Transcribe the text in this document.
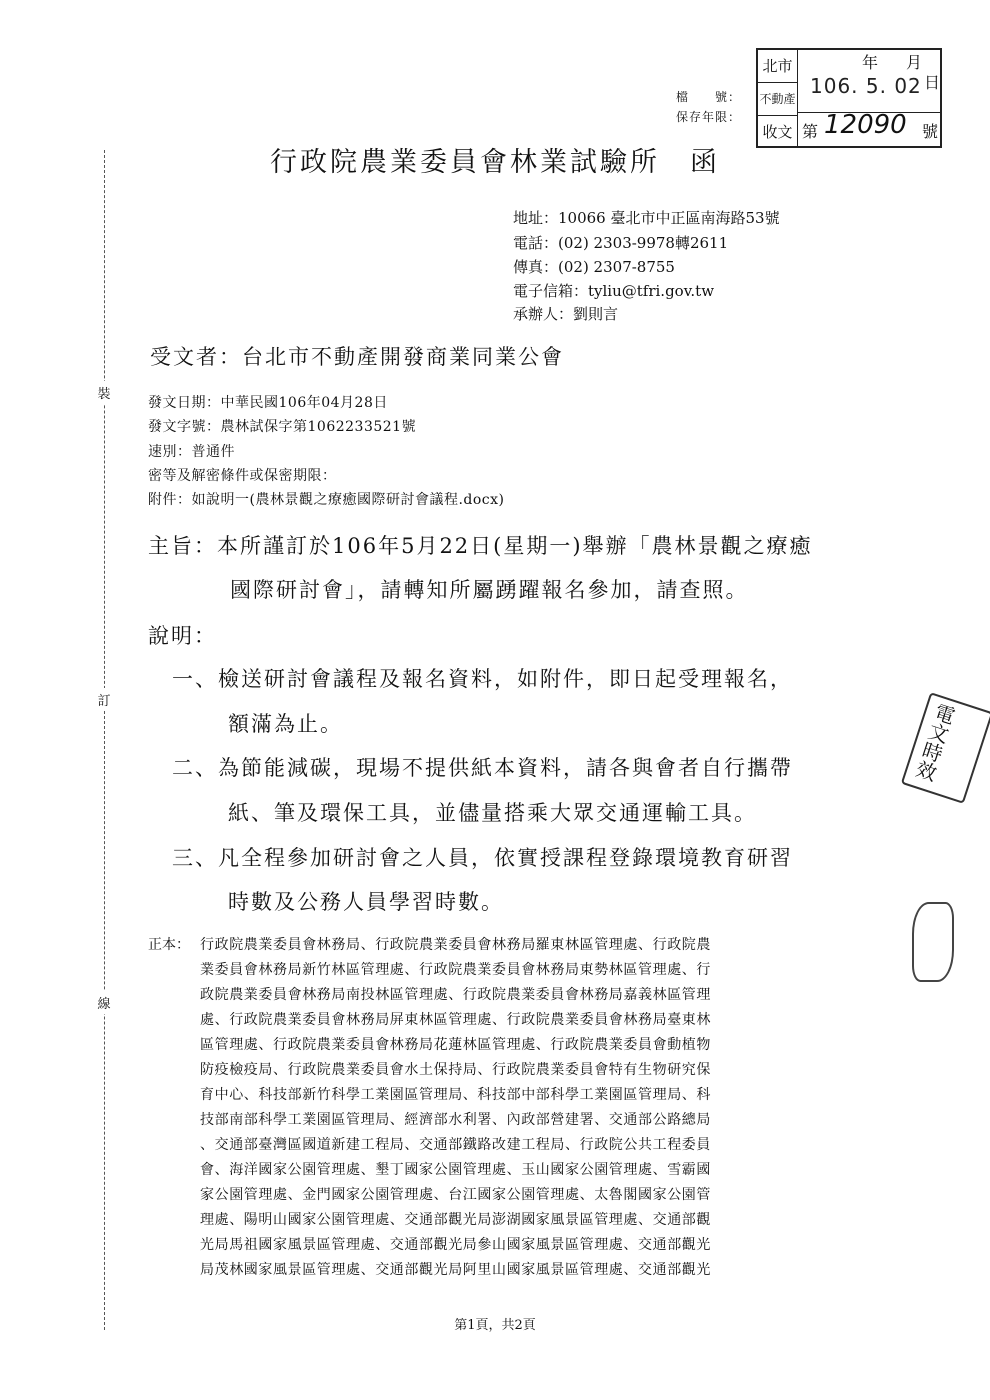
裝
訂
線
檔　　號：
保存年限：
北市
不動產
收文
年 月
日
106. 5. 02
第 12090 號
行政院農業委員會林業試驗所　函
地址：10066 臺北市中正區南海路53號
電話：(02) 2303-9978轉2611
傳真：(02) 2307-8755
電子信箱：tyliu@tfri.gov.tw
承辦人：劉則言
受文者：台北市不動產開發商業同業公會
發文日期：中華民國106年04月28日
發文字號：農林試保字第1062233521號
速別：普通件
密等及解密條件或保密期限：
附件：如說明一(農林景觀之療癒國際研討會議程.docx)
主旨：本所謹訂於106年5月22日(星期一)舉辦「農林景觀之療癒
國際研討會」，請轉知所屬踴躍報名參加，請查照。
說明：
一、檢送研討會議程及報名資料，如附件，即日起受理報名，
額滿為止。
二、為節能減碳，現場不提供紙本資料，請各與會者自行攜帶
紙、筆及環保工具，並儘量搭乘大眾交通運輸工具。
三、凡全程參加研討會之人員，依實授課程登錄環境教育研習
時數及公務人員學習時數。
電文時效
正本： 行政院農業委員會林務局、行政院農業委員會林務局羅東林區管理處、行政院農
業委員會林務局新竹林區管理處、行政院農業委員會林務局東勢林區管理處、行
政院農業委員會林務局南投林區管理處、行政院農業委員會林務局嘉義林區管理
處、行政院農業委員會林務局屏東林區管理處、行政院農業委員會林務局臺東林
區管理處、行政院農業委員會林務局花蓮林區管理處、行政院農業委員會動植物
防疫檢疫局、行政院農業委員會水土保持局、行政院農業委員會特有生物研究保
育中心、科技部新竹科學工業園區管理局、科技部中部科學工業園區管理局、科
技部南部科學工業園區管理局、經濟部水利署、內政部營建署、交通部公路總局
、交通部臺灣區國道新建工程局、交通部鐵路改建工程局、行政院公共工程委員
會、海洋國家公園管理處、墾丁國家公園管理處、玉山國家公園管理處、雪霸國
家公園管理處、金門國家公園管理處、台江國家公園管理處、太魯閣國家公園管
理處、陽明山國家公園管理處、交通部觀光局澎湖國家風景區管理處、交通部觀
光局馬祖國家風景區管理處、交通部觀光局參山國家風景區管理處、交通部觀光
局茂林國家風景區管理處、交通部觀光局阿里山國家風景區管理處、交通部觀光
第1頁，共2頁
